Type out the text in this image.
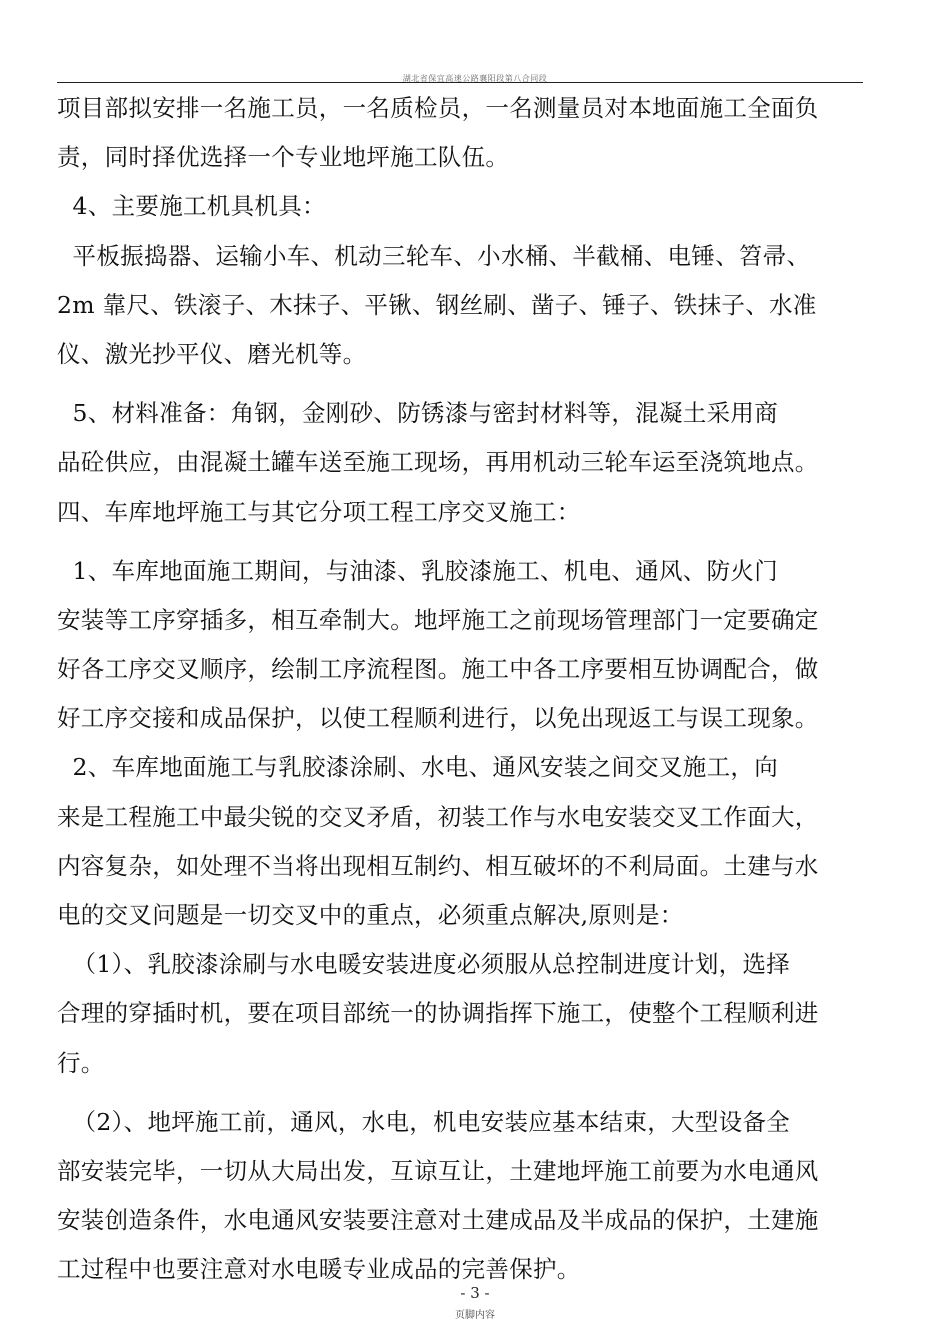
湖北省保宜高速公路襄阳段第八合同段
项目部拟安排一名施工员，一名质检员，一名测量员对本地面施工全面负
责，同时择优选择一个专业地坪施工队伍。
4、主要施工机具机具：
平板振捣器、运输小车、机动三轮车、小水桶、半截桶、电锤、笤帚、
2m 靠尺、铁滚子、木抹子、平锹、钢丝刷、凿子、锤子、铁抹子、水准
仪、激光抄平仪、磨光机等。
5、材料准备：角钢，金刚砂、防锈漆与密封材料等，混凝土采用商
品砼供应，由混凝土罐车送至施工现场，再用机动三轮车运至浇筑地点。
四、车库地坪施工与其它分项工程工序交叉施工：
1、车库地面施工期间，与油漆、乳胶漆施工、机电、通风、防火门
安装等工序穿插多，相互牵制大。地坪施工之前现场管理部门一定要确定
好各工序交叉顺序，绘制工序流程图。施工中各工序要相互协调配合，做
好工序交接和成品保护，以使工程顺利进行，以免出现返工与误工现象。
2、车库地面施工与乳胶漆涂刷、水电、通风安装之间交叉施工，向
来是工程施工中最尖锐的交叉矛盾，初装工作与水电安装交叉工作面大，
内容复杂，如处理不当将出现相互制约、相互破坏的不利局面。土建与水
电的交叉问题是一切交叉中的重点，必须重点解决,原则是：
（1）、乳胶漆涂刷与水电暖安装进度必须服从总控制进度计划，选择
合理的穿插时机，要在项目部统一的协调指挥下施工，使整个工程顺利进
行。
（2）、地坪施工前，通风，水电，机电安装应基本结束，大型设备全
部安装完毕，一切从大局出发，互谅互让，土建地坪施工前要为水电通风
安装创造条件，水电通风安装要注意对土建成品及半成品的保护，土建施
工过程中也要注意对水电暖专业成品的完善保护。
- 3 -
页脚内容
